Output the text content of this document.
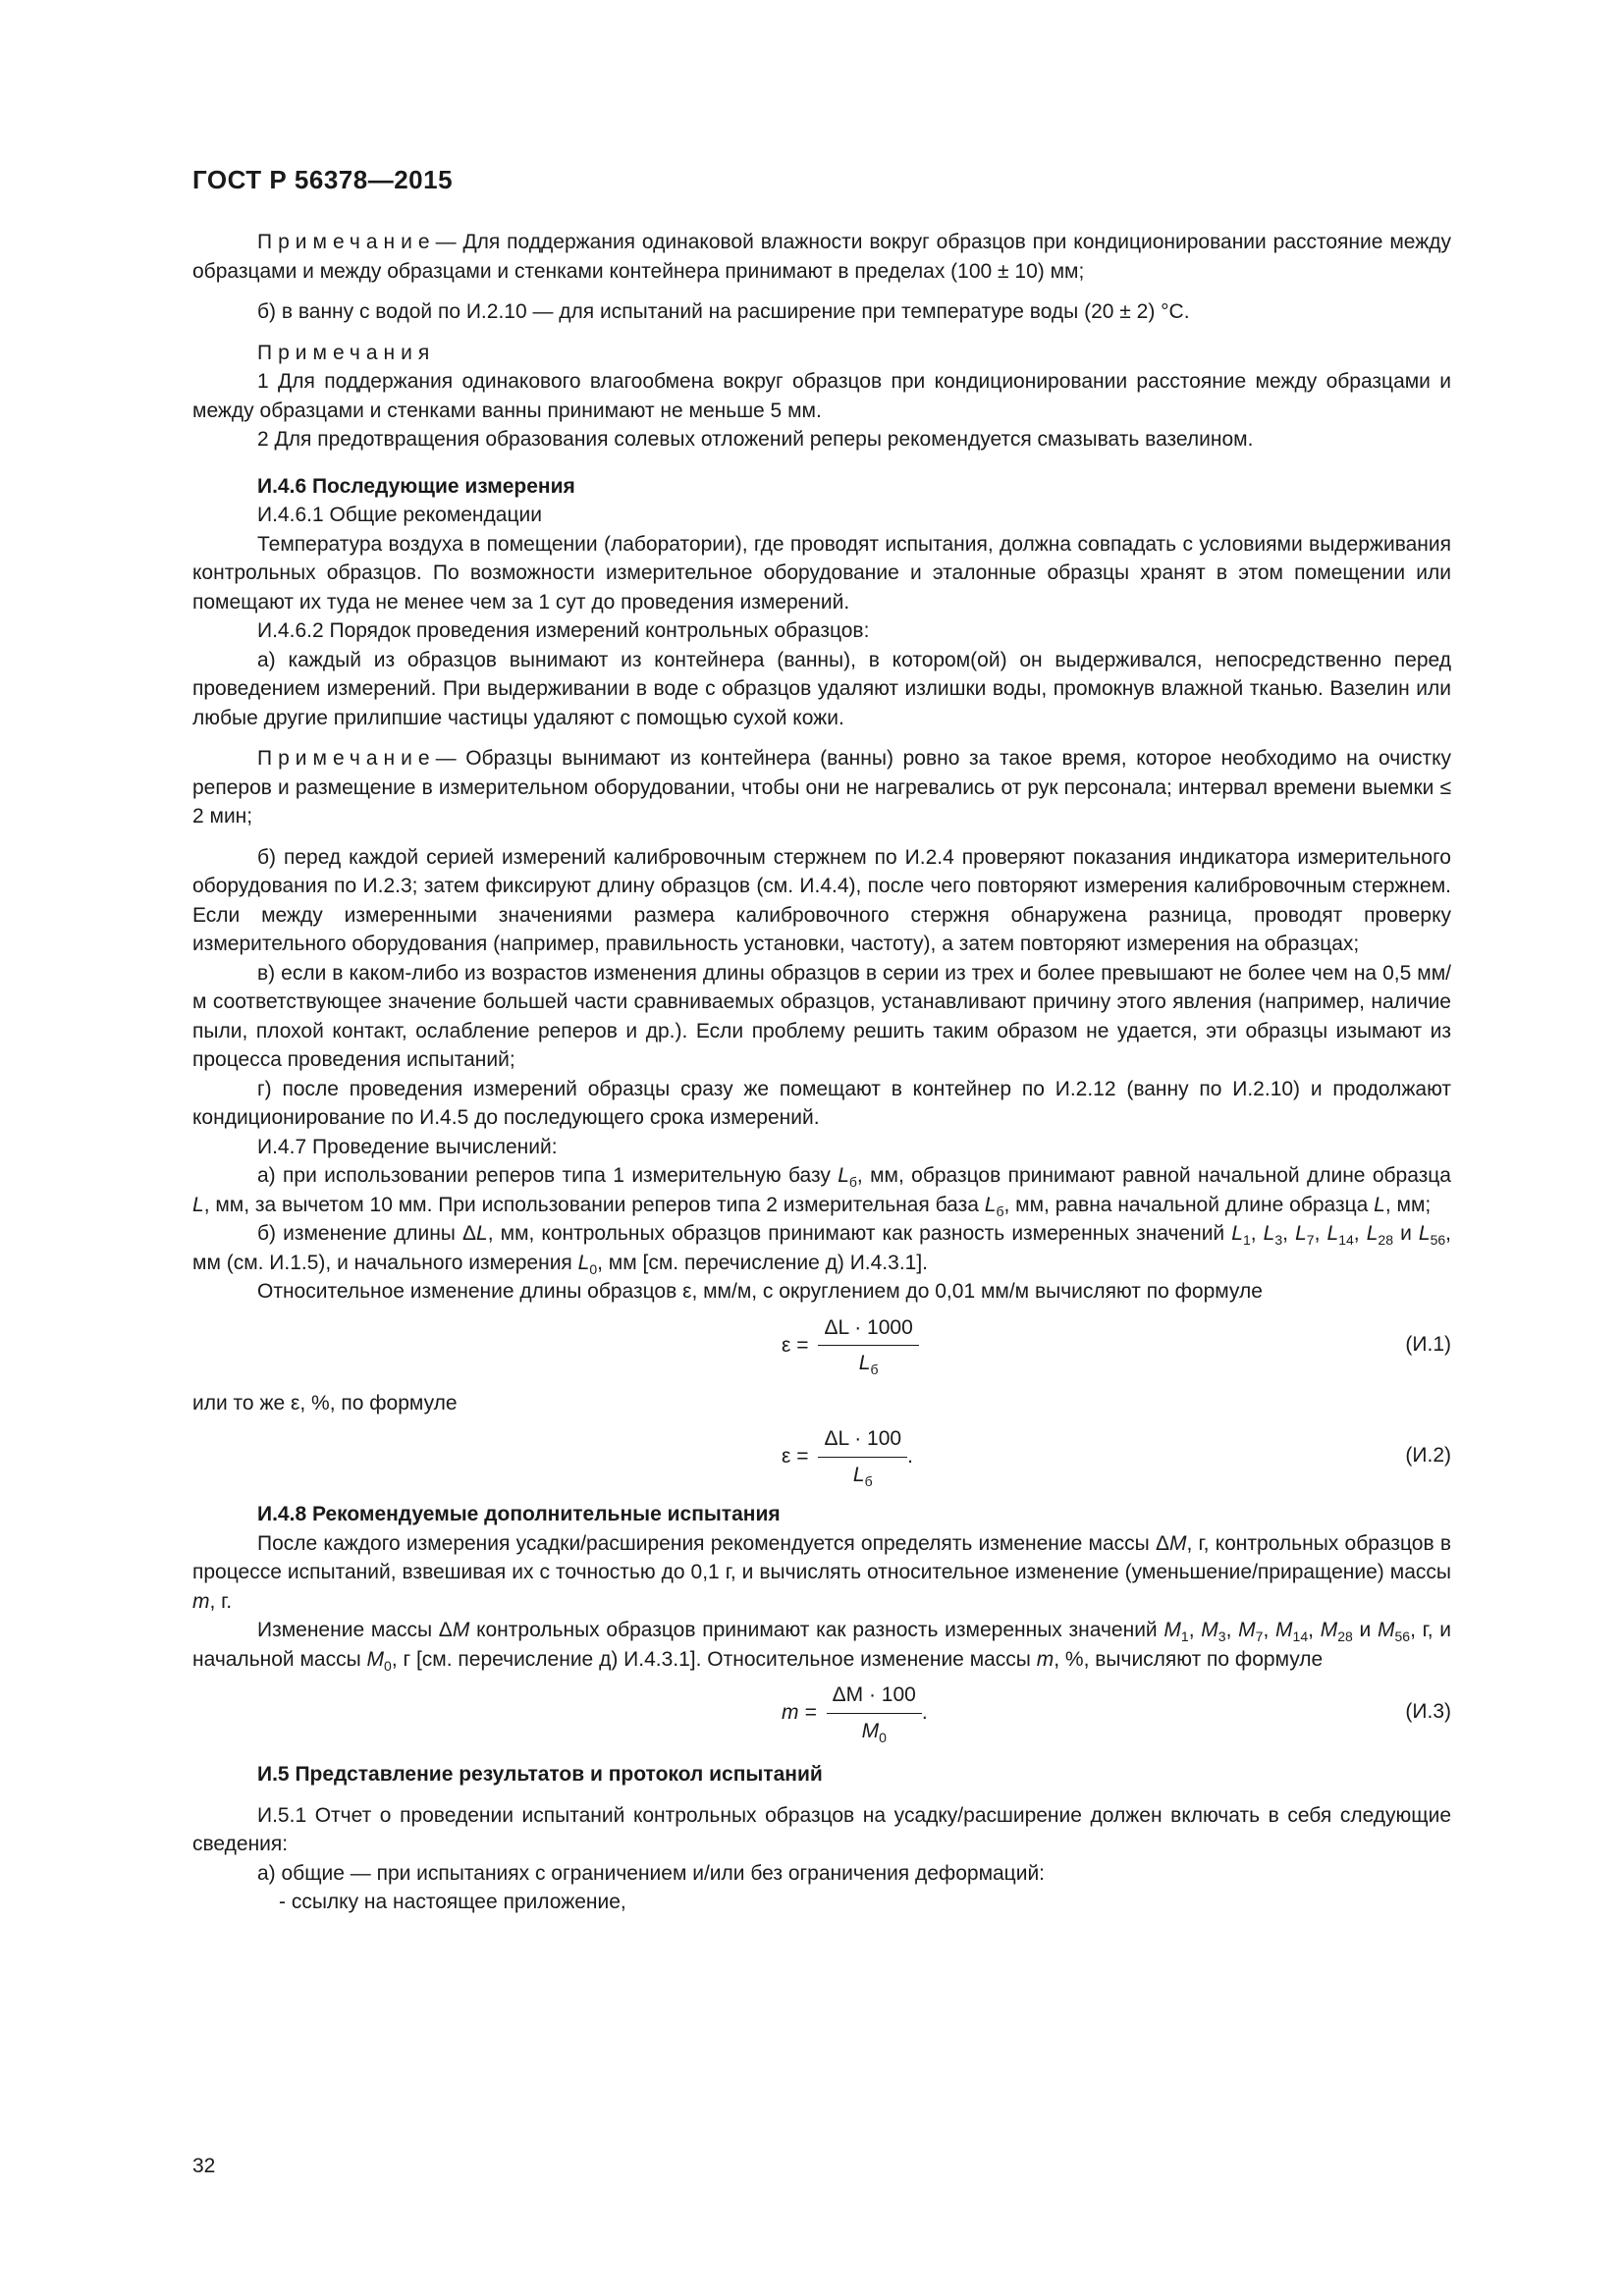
ГОСТ Р 56378—2015

Примечание— Для поддержания одинаковой влажности вокруг образцов при кондиционировании расстояние между образцами и между образцами и стенками контейнера принимают в пределах (100 ± 10) мм;

б) в ванну с водой по И.2.10 — для испытаний на расширение при температуре воды (20 ± 2) °С.

Примечания

1 Для поддержания одинакового влагообмена вокруг образцов при кондиционировании расстояние между образцами и между образцами и стенками ванны принимают не меньше 5 мм.

2 Для предотвращения образования солевых отложений реперы рекомендуется смазывать вазелином.

И.4.6 Последующие измерения

И.4.6.1 Общие рекомендации

Температура воздуха в помещении (лаборатории), где проводят испытания, должна совпадать с условиями выдерживания контрольных образцов. По возможности измерительное оборудование и эталонные образцы хранят в этом помещении или помещают их туда не менее чем за 1 сут до проведения измерений.

И.4.6.2 Порядок проведения измерений контрольных образцов:

а) каждый из образцов вынимают из контейнера (ванны), в котором(ой) он выдерживался, непосредственно перед проведением измерений. При выдерживании в воде с образцов удаляют излишки воды, промокнув влажной тканью. Вазелин или любые другие прилипшие частицы удаляют с помощью сухой кожи.

Примечание— Образцы вынимают из контейнера (ванны) ровно за такое время, которое необходимо на очистку реперов и размещение в измерительном оборудовании, чтобы они не нагревались от рук персонала; интервал времени выемки ≤ 2 мин;

б) перед каждой серией измерений калибровочным стержнем по И.2.4 проверяют показания индикатора измерительного оборудования по И.2.3; затем фиксируют длину образцов (см. И.4.4), после чего повторяют измерения калибровочным стержнем. Если между измеренными значениями размера калибровочного стержня обнаружена разница, проводят проверку измерительного оборудования (например, правильность установки, частоту), а затем повторяют измерения на образцах;

в) если в каком-либо из возрастов изменения длины образцов в серии из трех и более превышают не более чем на 0,5 мм/м соответствующее значение большей части сравниваемых образцов, устанавливают причину этого явления (например, наличие пыли, плохой контакт, ослабление реперов и др.). Если проблему решить таким образом не удается, эти образцы изымают из процесса проведения испытаний;

г) после проведения измерений образцы сразу же помещают в контейнер по И.2.12 (ванну по И.2.10) и продолжают кондиционирование по И.4.5 до последующего срока измерений.

И.4.7 Проведение вычислений:

а) при использовании реперов типа 1 измерительную базу $L_б$, мм, образцов принимают равной начальной длине образца L, мм, за вычетом 10 мм. При использовании реперов типа 2 измерительная база $L_б$, мм, равна начальной длине образца L, мм;

б) изменение длины ΔL, мм, контрольных образцов принимают как разность измеренных значений $L_1$, $L_3$, $L_7$, $L_{14}$, $L_{28}$ и $L_{56}$, мм (см. И.1.5), и начального измерения $L_0$, мм [см. перечисление д) И.4.3.1].

Относительное изменение длины образцов ε, мм/м, с округлением до 0,01 мм/м вычисляют по формуле

$\varepsilon = \frac{\Delta L \cdot 1000}{L_б}$	(И.1)

или то же ε, %, по формуле

$\varepsilon = \frac{\Delta L \cdot 100}{L_б}$ .	(И.2)

И.4.8 Рекомендуемые дополнительные испытания

После каждого измерения усадки/расширения рекомендуется определять изменение массы ΔM, г, контрольных образцов в процессе испытаний, взвешивая их с точностью до 0,1 г, и вычислять относительное изменение (уменьшение/приращение) массы m, г.

Изменение массы ΔM контрольных образцов принимают как разность измеренных значений $M_1$, $M_3$, $M_7$, $M_{14}$, $M_{28}$ и $M_{56}$, г, и начальной массы $M_0$, г [см. перечисление д) И.4.3.1]. Относительное изменение массы m, %, вычисляют по формуле

$m = \frac{\Delta M \cdot 100}{M_0}$ .	(И.3)

И.5 Представление результатов и протокол испытаний

И.5.1 Отчет о проведении испытаний контрольных образцов на усадку/расширение должен включать в себя следующие сведения:

а) общие — при испытаниях с ограничением и/или без ограничения деформаций:

- ссылку на настоящее приложение,

32
